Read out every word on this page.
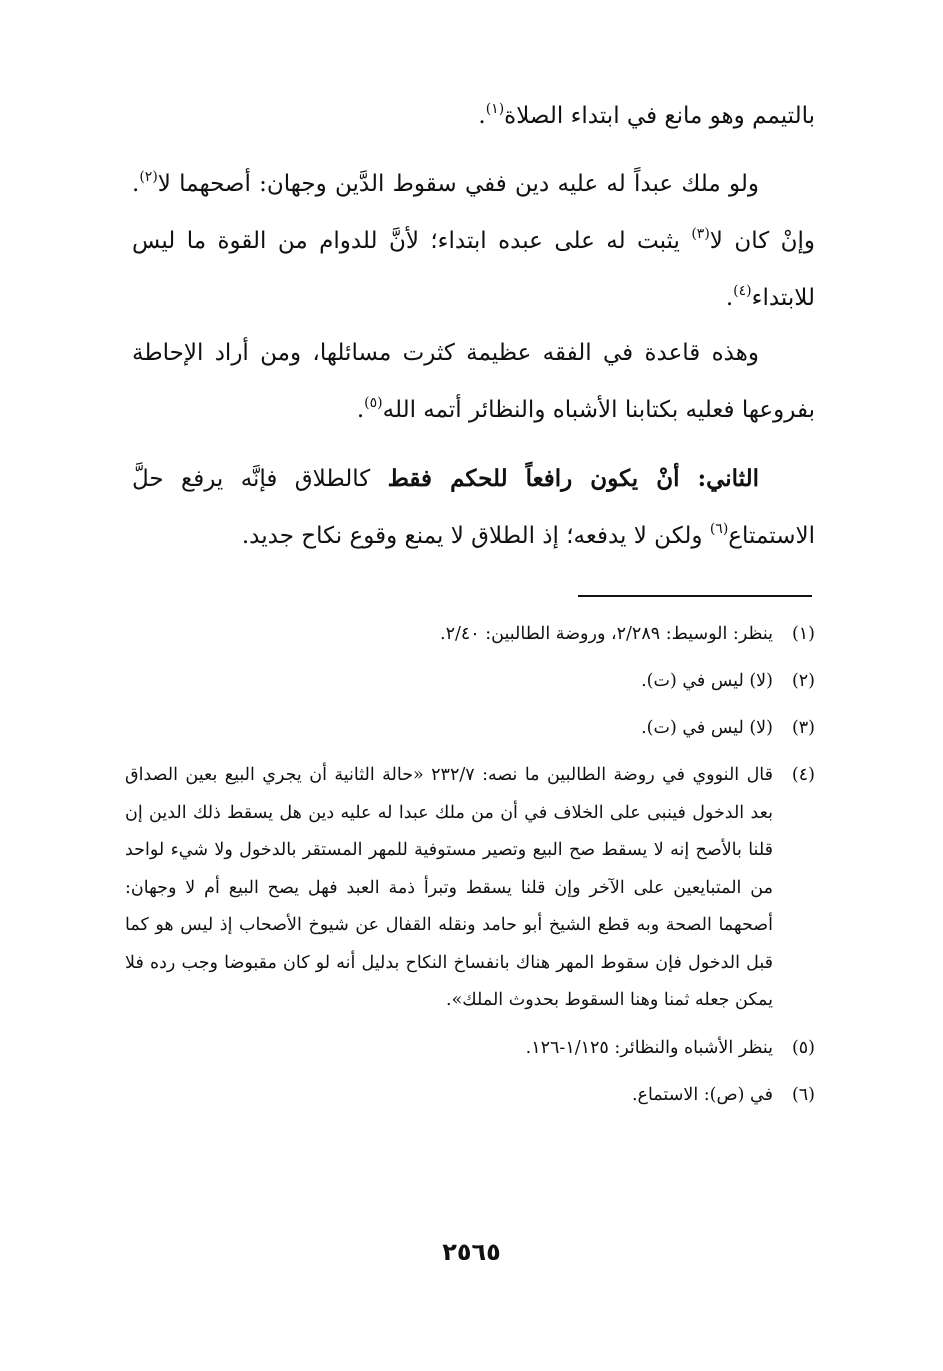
بالتيمم وهو مانع في ابتداء الصلاة$^{(١)}$.

ولو ملك عبداً له عليه دين ففي سقوط الدَّين وجهان: أصحهما لا$^{(٢)}$. وإنْ كان لا$^{(٣)}$ يثبت له على عبده ابتداء؛ لأنَّ للدوام من القوة ما ليس للابتداء$^{(٤)}$.

وهذه قاعدة في الفقه عظيمة كثرت مسائلها، ومن أراد الإحاطة بفروعها فعليه بكتابنا الأشباه والنظائر أتمه الله$^{(٥)}$.

الثاني: أنْ يكون رافعاً للحكم فقط كالطلاق فإنَّه يرفع حلَّ الاستمتاع$^{(٦)}$ ولكن لا يدفعه؛ إذ الطلاق لا يمنع وقوع نكاح جديد.

(١)ينظر: الوسيط: ٢/٢٨٩، وروضة الطالبين: ٢/٤٠.

(٢)(لا) ليس في (ت).

(٣)(لا) ليس في (ت).

(٤)قال النووي في روضة الطالبين ما نصه: ٢٣٢/٧ «حالة الثانية أن يجري البيع بعين الصداق بعد الدخول فينبى على الخلاف في أن من ملك عبدا له عليه دين هل يسقط ذلك الدين إن قلنا بالأصح إنه لا يسقط صح البيع وتصير مستوفية للمهر المستقر بالدخول ولا شيء لواحد من المتبايعين على الآخر وإن قلنا يسقط وتبرأ ذمة العبد فهل يصح البيع أم لا وجهان: أصحهما الصحة وبه قطع الشيخ أبو حامد ونقله القفال عن شيوخ الأصحاب إذ ليس هو كما قبل الدخول فإن سقوط المهر هناك بانفساخ النكاح بدليل أنه لو كان مقبوضا وجب رده فلا يمكن جعله ثمنا وهنا السقوط بحدوث الملك».

(٥)ينظر الأشباه والنظائر: ١/١٢٥-١٢٦.

(٦)في (ص): الاستماع.

٢٥٦٥
